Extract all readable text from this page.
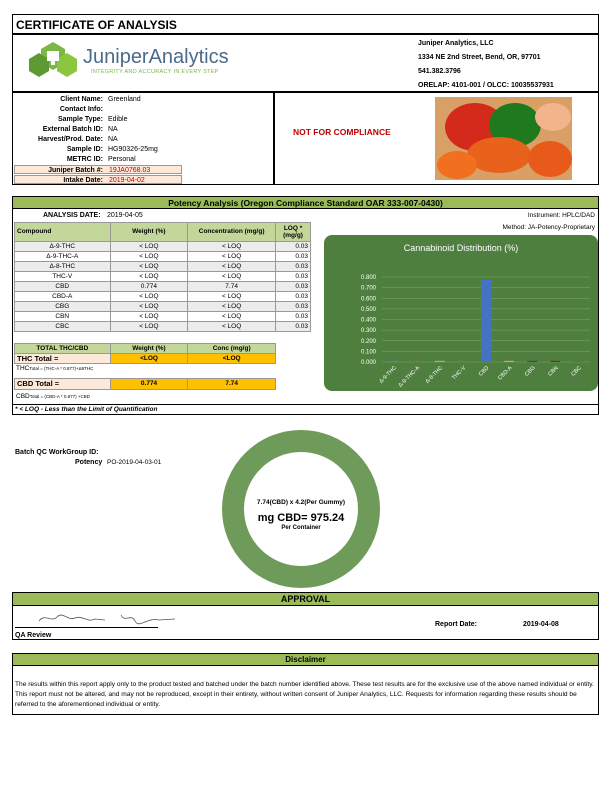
CERTIFICATE OF ANALYSIS
JuniperAnalytics
INTEGRITY AND ACCURACY IN EVERY STEP
Juniper Analytics, LLC
1334 NE 2nd Street, Bend, OR, 97701
541.382.3796
ORELAP: 4101-001 / OLCC: 10035537931
Client Name: Greenland
Contact Info:
Sample Type: Edible
External Batch ID: NA
Harvest/Prod. Date: NA
Sample ID: HG90326-25mg
METRC ID: Personal
Juniper Batch #: 19JA0768.03
Intake Date: 2019-04-02
NOT FOR COMPLIANCE
Potency Analysis (Oregon Compliance Standard OAR 333-007-0430)
ANALYSIS DATE: 2019-04-05	Instrument: HPLC/DAD
Method: JA-Potency-Proprietary
Compound	Weight (%)	Concentration (mg/g)	LOQ *
(mg/g)
Δ-9-THC	< LOQ	< LOQ	0.03
Δ-9-THC-A	< LOQ	< LOQ	0.03
Δ-8-THC	< LOQ	< LOQ	0.03
THC-V	< LOQ	< LOQ	0.03
CBD	0.774	7.74	0.03
CBD-A	< LOQ	< LOQ	0.03
CBG	< LOQ	< LOQ	0.03
CBN	< LOQ	< LOQ	0.03
CBC	< LOQ	< LOQ	0.03
TOTAL THC/CBD	Weight (%)	Conc (mg/g)
THC Total =	<LOQ	<LOQ
THCTotal = (THC-A * 0.877)+Δ9THC
CBD Total =	0.774	7.74
CBDTotal = (CBD-A * 0.877) +CBD
* < LOQ - Less than the Limit of Quantification
Cannabinoid Distribution (%)
0.000
0.100
0.200
0.300
0.400
0.500
0.600
0.700
0.800
Δ-9-THC Δ-9-THC-A Δ-8-THC THC-V CBD CBD-A CBG CBN CBC
Batch QC WorkGroup ID:
Potency PO-2019-04-03-01
7.74(CBD) x 4.2(Per Gummy)
mg CBD= 975.24
Per Container
APPROVAL
QA Review
Report Date:	2019-04-08
Disclaimer
The results within this report apply only to the product tested and batched under the batch number identified above. These test results are for the exclusive use of the above named individual or entity. This report must not be altered, and may not be reproduced, except in their entirety, without written consent of Juniper Analytics, LLC. Requests for information regarding these results should be referred to the aforementioned individual or entity.
